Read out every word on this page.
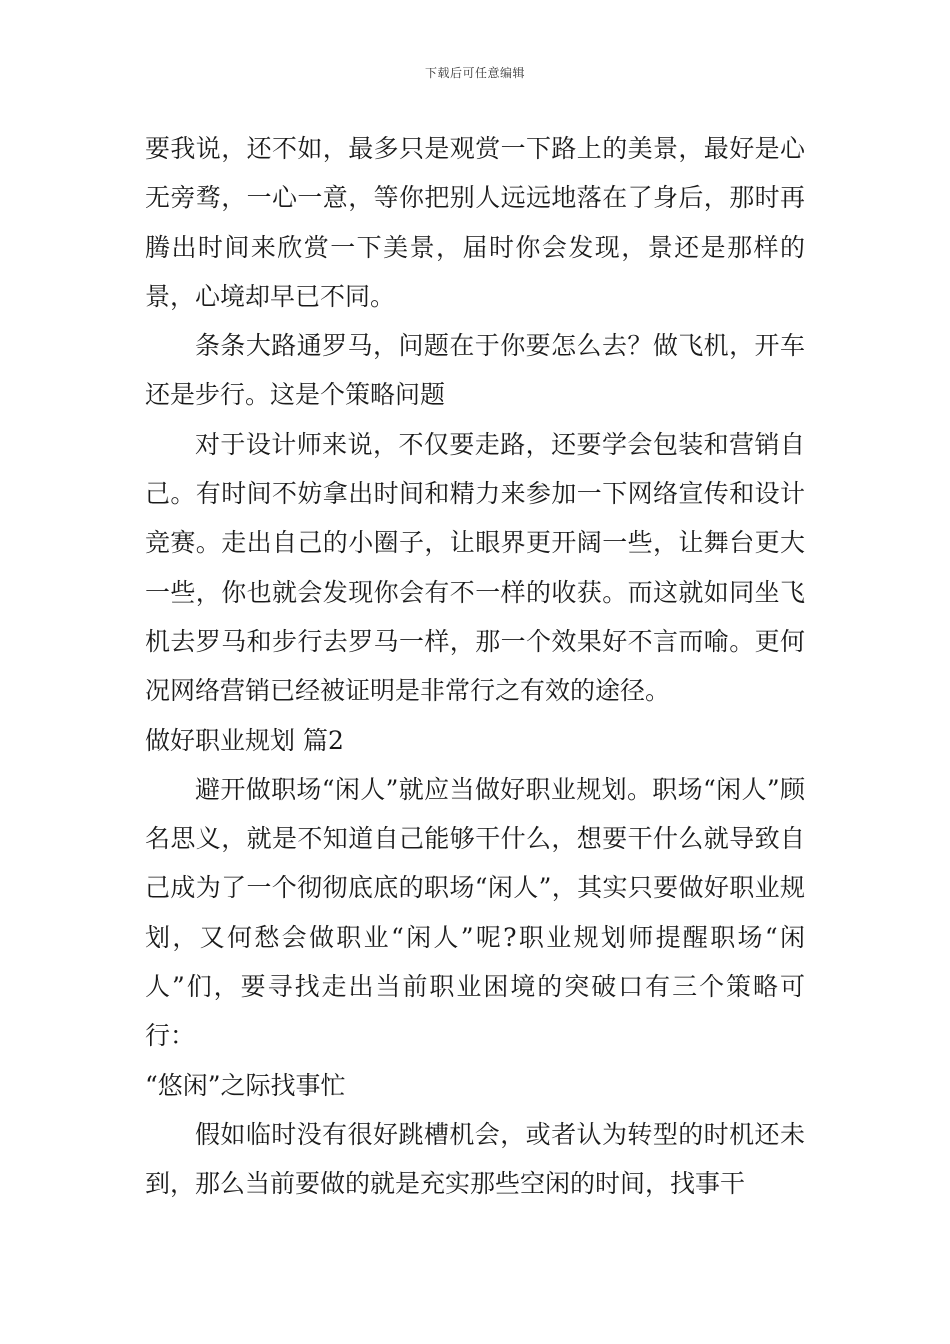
下载后可任意编辑

要我说，还不如，最多只是观赏一下路上的美景，最好是心无旁骛，一心一意，等你把别人远远地落在了身后，那时再腾出时间来欣赏一下美景，届时你会发现，景还是那样的景，心境却早已不同。

条条大路通罗马，问题在于你要怎么去？做飞机，开车还是步行。这是个策略问题

对于设计师来说，不仅要走路，还要学会包装和营销自己。有时间不妨拿出时间和精力来参加一下网络宣传和设计竞赛。走出自己的小圈子，让眼界更开阔一些，让舞台更大一些，你也就会发现你会有不一样的收获。而这就如同坐飞机去罗马和步行去罗马一样，那一个效果好不言而喻。更何况网络营销已经被证明是非常行之有效的途径。

做好职业规划 篇2

避开做职场“闲人”就应当做好职业规划。职场“闲人”顾名思义，就是不知道自己能够干什么，想要干什么就导致自己成为了一个彻彻底底的职场“闲人”，其实只要做好职业规划，又何愁会做职业“闲人”呢?职业规划师提醒职场“闲人”们，要寻找走出当前职业困境的突破口有三个策略可行：

“悠闲”之际找事忙

假如临时没有很好跳槽机会，或者认为转型的时机还未到，那么当前要做的就是充实那些空闲的时间，找事干
